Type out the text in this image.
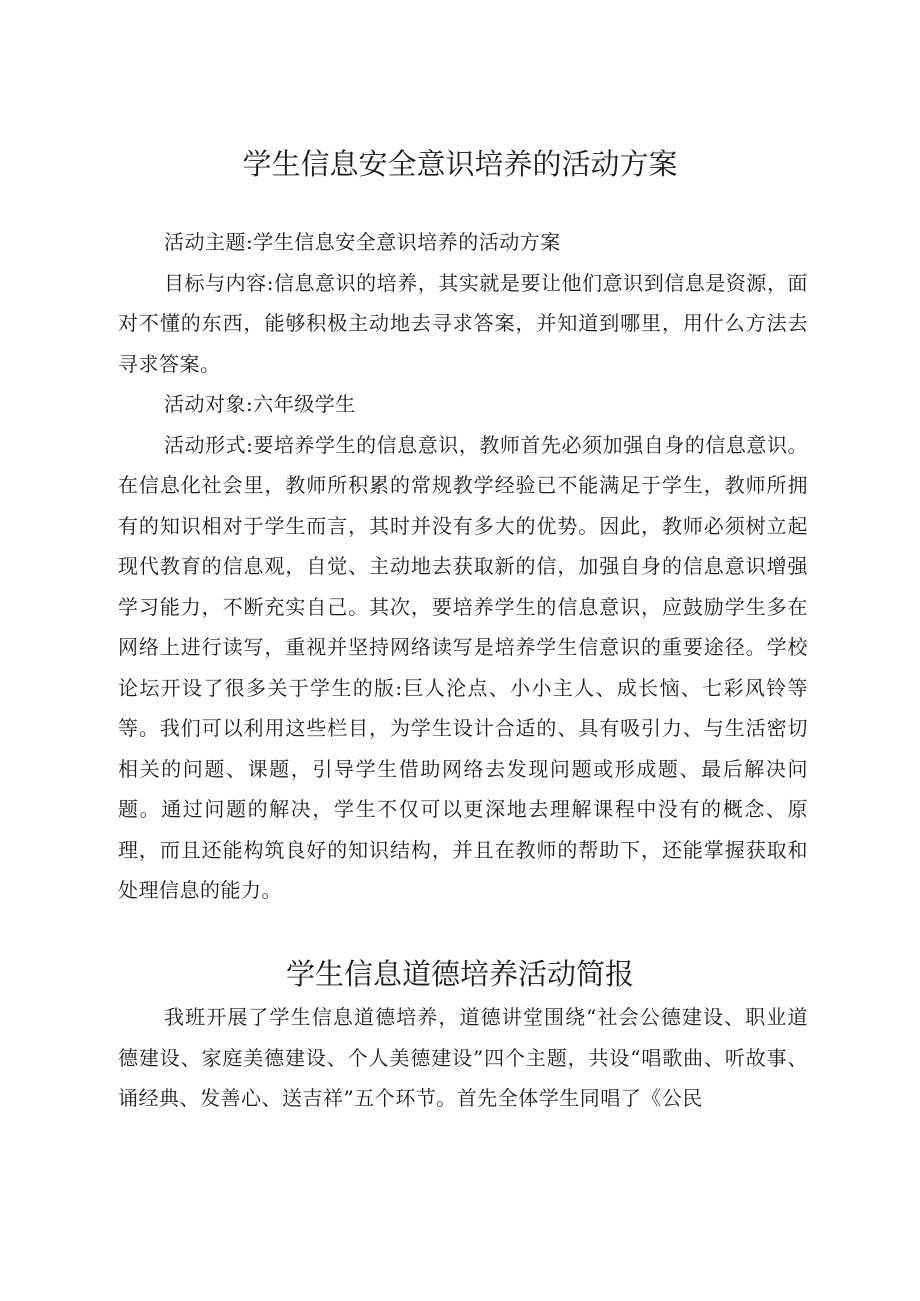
学生信息安全意识培养的活动方案

活动主题:学生信息安全意识培养的活动方案

目标与内容:信息意识的培养，其实就是要让他们意识到信息是资源，面对不懂的东西，能够积极主动地去寻求答案，并知道到哪里，用什么方法去寻求答案。

活动对象:六年级学生

活动形式:要培养学生的信息意识，教师首先必须加强自身的信息意识。在信息化社会里，教师所积累的常规教学经验已不能满足于学生，教师所拥有的知识相对于学生而言，其时并没有多大的优势。因此，教师必须树立起现代教育的信息观，自觉、主动地去获取新的信，加强自身的信息意识增强学习能力，不断充实自己。其次，要培养学生的信息意识，应鼓励学生多在网络上进行读写，重视并坚持网络读写是培养学生信意识的重要途径。学校论坛开设了很多关于学生的版:巨人沦点、小小主人、成长恼、七彩风铃等等。我们可以利用这些栏目，为学生设计合适的、具有吸引力、与生活密切相关的问题、课题，引导学生借助网络去发现问题或形成题、最后解决问题。通过问题的解决，学生不仅可以更深地去理解课程中没有的概念、原理，而且还能构筑良好的知识结构，并且在教师的帮助下，还能掌握获取和处理信息的能力。

学生信息道德培养活动简报

我班开展了学生信息道德培养，道德讲堂围绕“社会公德建设、职业道德建设、家庭美德建设、个人美德建设”四个主题，共设“唱歌曲、听故事、诵经典、发善心、送吉祥”五个环节。首先全体学生同唱了《公民
